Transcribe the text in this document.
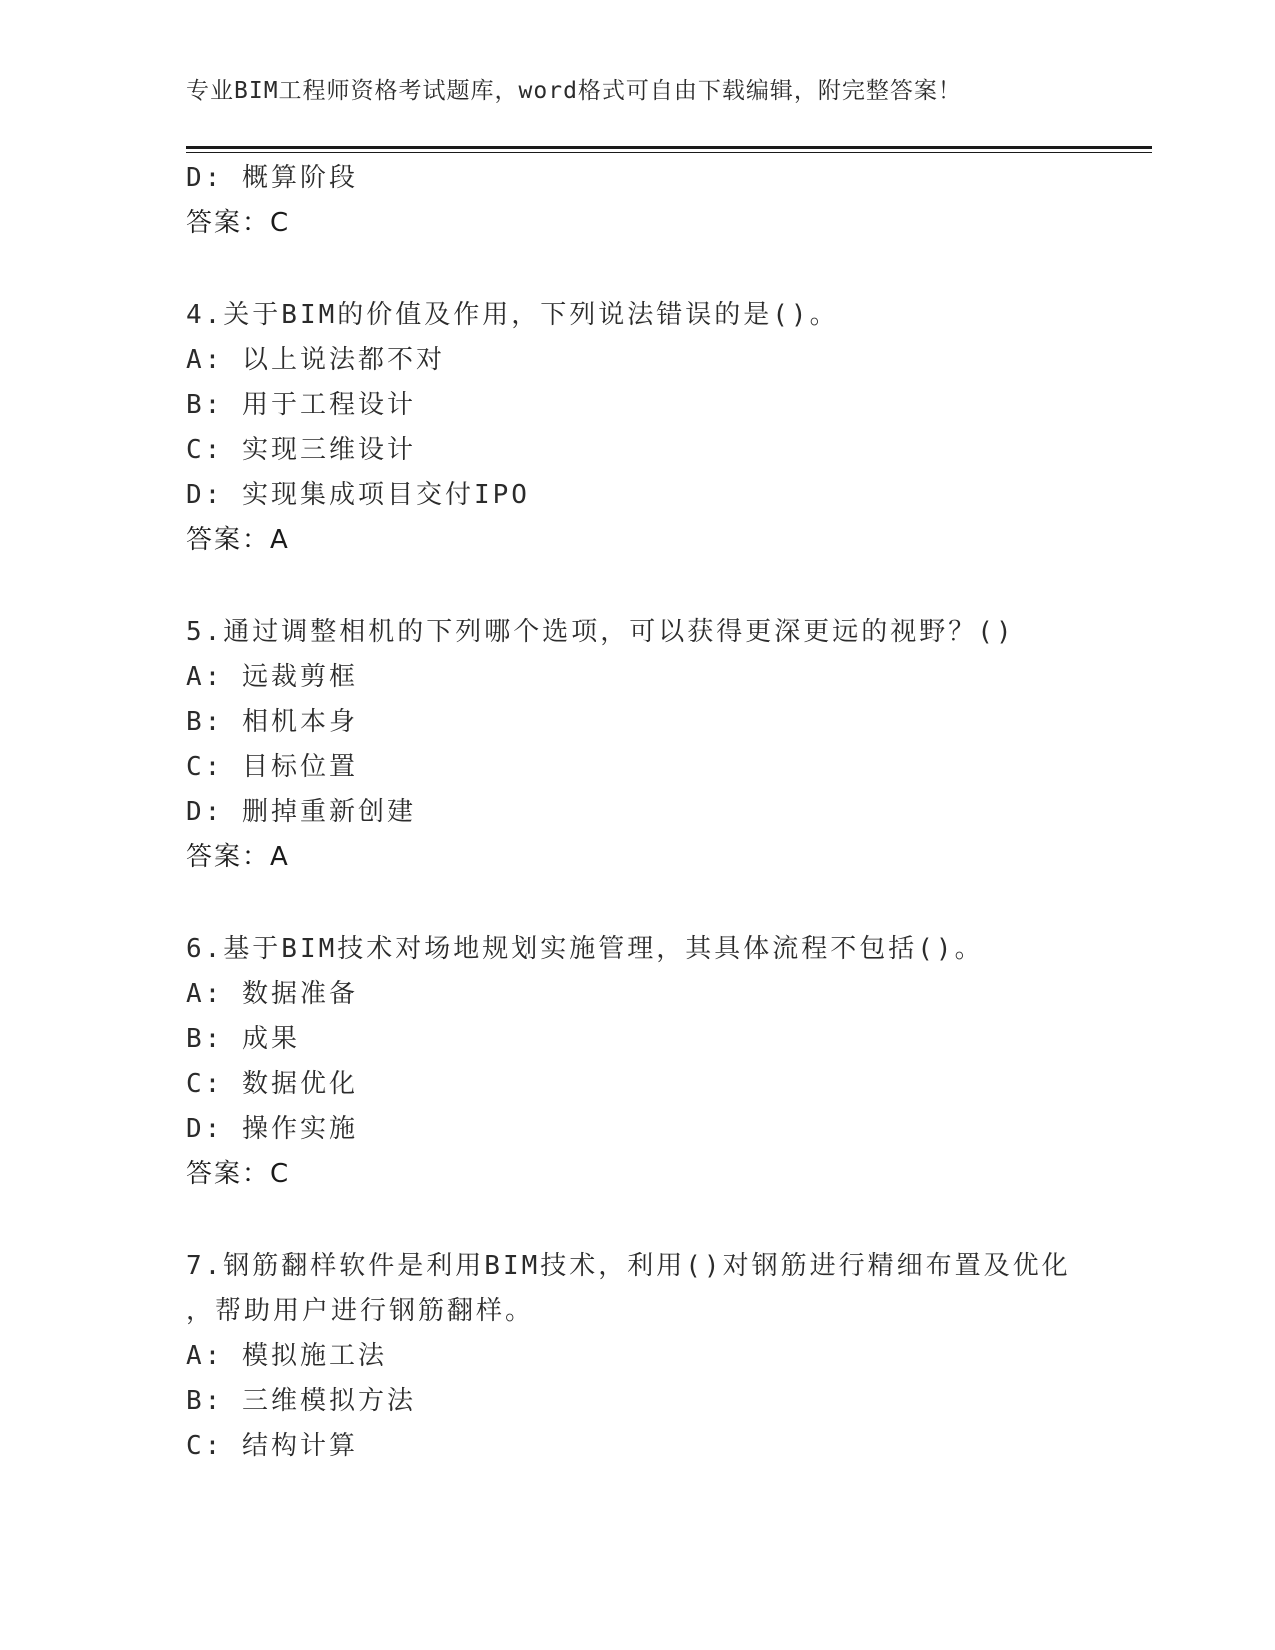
专业BIM工程师资格考试题库，word格式可自由下载编辑，附完整答案！
D: 概算阶段
答案：C
4.关于BIM的价值及作用，下列说法错误的是()。
A: 以上说法都不对
B: 用于工程设计
C: 实现三维设计
D: 实现集成项目交付IPO
答案：A
5.通过调整相机的下列哪个选项，可以获得更深更远的视野？()
A: 远裁剪框
B: 相机本身
C: 目标位置
D: 删掉重新创建
答案：A
6.基于BIM技术对场地规划实施管理，其具体流程不包括()。
A: 数据准备
B: 成果
C: 数据优化
D: 操作实施
答案：C
7.钢筋翻样软件是利用BIM技术，利用()对钢筋进行精细布置及优化
，帮助用户进行钢筋翻样。
A: 模拟施工法
B: 三维模拟方法
C: 结构计算
